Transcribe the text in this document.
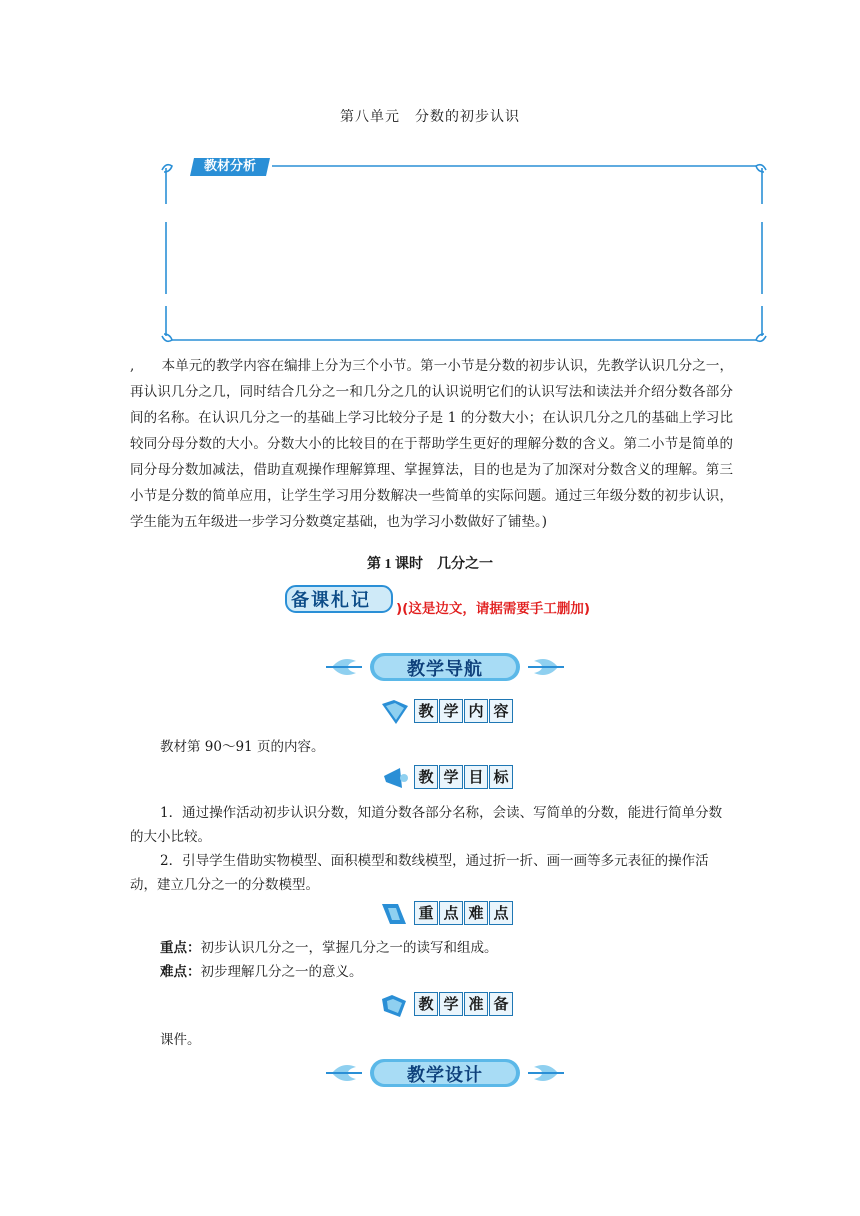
第八单元　分数的初步认识
教材分析

,　　本单元的教学内容在编排上分为三个小节。第一小节是分数的初步认识，先教学认识几分之一，再认识几分之几，同时结合几分之一和几分之几的认识说明它们的认识写法和读法并介绍分数各部分间的名称。在认识几分之一的基础上学习比较分子是 1 的分数大小；在认识几分之几的基础上学习比较同分母分数的大小。分数大小的比较目的在于帮助学生更好的理解分数的含义。第二小节是简单的同分母分数加减法，借助直观操作理解算理、掌握算法，目的也是为了加深对分数含义的理解。第三小节是分数的简单应用，让学生学习用分数解决一些简单的实际问题。通过三年级分数的初步认识，学生能为五年级进一步学习分数奠定基础，也为学习小数做好了铺垫。)

第 1 课时　几分之一
备课札记 )(这是边文，请据需要手工删加)
教学导航
教 学 内 容
教材第 90～91 页的内容。
教 学 目 标
1．通过操作活动初步认识分数，知道分数各部分名称，会读、写简单的分数，能进行简单分数的大小比较。
2．引导学生借助实物模型、面积模型和数线模型，通过折一折、画一画等多元表征的操作活动，建立几分之一的分数模型。
重 点 难 点
重点：初步认识几分之一，掌握几分之一的读写和组成。
难点：初步理解几分之一的意义。
教 学 准 备
课件。
教学设计
